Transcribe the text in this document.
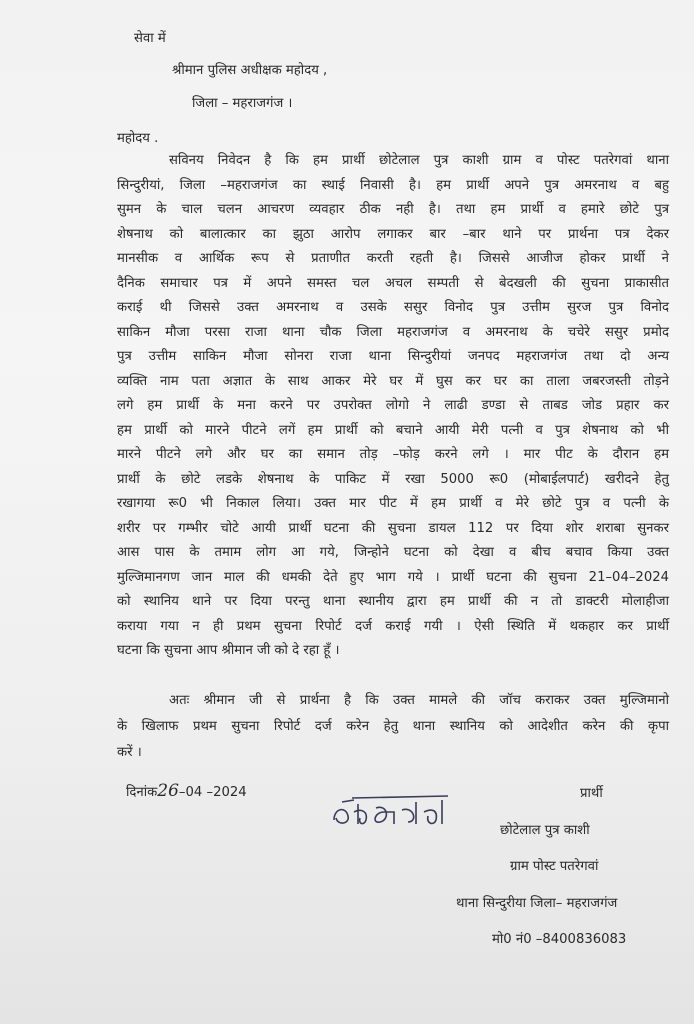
सेवा में
श्रीमान पुलिस अधीक्षक महोदय ,
जिला – महराजगंज ।
महोदय .
सविनय निवेदन है कि हम प्रार्थी छोटेलाल पुत्र काशी ग्राम व पोस्ट पतरेगवां थाना
सिन्दुरीयां, जिला –महराजगंज का स्थाई निवासी है। हम प्रार्थी अपने पुत्र अमरनाथ व बहु
सुमन के चाल चलन आचरण व्यवहार ठीक नही है। तथा हम प्रार्थी व हमारे छोटे पुत्र
शेषनाथ को बालात्कार का झुठा आरोप लगाकर बार –बार थाने पर प्रार्थना पत्र देकर
मानसीक व आर्थिक रूप से प्रताणीत करती रहती है। जिससे आजीज होकर प्रार्थी ने
दैनिक समाचार पत्र में अपने समस्त चल अचल सम्पती से बेदखली की सुचना प्राकासीत
कराई थी जिससे उक्त अमरनाथ व उसके ससुर विनोद पुत्र उत्तीम सुरज पुत्र विनोद
साकिन मौजा परसा राजा थाना चौक जिला महराजगंज व अमरनाथ के चचेरे ससुर प्रमोद
पुत्र उत्तीम साकिन मौजा सोनरा राजा थाना सिन्दुरीयां जनपद महराजगंज तथा दो अन्य
व्यक्ति नाम पता अज्ञात के साथ आकर मेरे घर में घुस कर घर का ताला जबरजस्ती तोड़ने
लगे हम प्रार्थी के मना करने पर उपरोक्त लोगो ने लाढी डण्डा से ताबड जोड प्रहार कर
हम प्रार्थी को मारने पीटने लगें हम प्रार्थी को बचाने आयी मेरी पत्नी व पुत्र शेषनाथ को भी
मारने पीटने लगे और घर का समान तोड़ –फोड़ करने लगे । मार पीट के दौरान हम
प्रार्थी के छोटे लडके शेषनाथ के पाकिट में रखा 5000 रू0 (मोबाईलपार्ट) खरीदने हेतु
रखागया रू0 भी निकाल लिया। उक्त मार पीट में हम प्रार्थी व मेरे छोटे पुत्र व पत्नी के
शरीर पर गम्भीर चोटे आयी प्रार्थी घटना की सुचना डायल 112 पर दिया शोर शराबा सुनकर
आस पास के तमाम लोग आ गये, जिन्होने घटना को देखा व बीच बचाव किया उक्त
मुल्जिमानगण जान माल की धमकी देते हुए भाग गये । प्रार्थी घटना की सुचना 21–04–2024
को स्थानिय थाने पर दिया परन्तु थाना स्थानीय द्वारा हम प्रार्थी की न तो डाक्टरी मोलाहीजा
कराया गया न ही प्रथम सुचना रिपोर्ट दर्ज कराई गयी । ऐसी स्थिति में थकहार कर प्रार्थी
घटना कि सुचना आप श्रीमान जी को दे रहा हूँ ।
अतः श्रीमान जी से प्रार्थना है कि उक्त मामले की जॉच कराकर उक्त मुल्जिमानो
के खिलाफ प्रथम सुचना रिपोर्ट दर्ज करेन हेतु थाना स्थानिय को आदेशीत करेन की कृपा
करें ।
दिनांक26–04 –2024	प्रार्थी
छोटेलाल पुत्र काशी
ग्राम पोस्ट पतरेगवां
थाना सिन्दुरीया जिला– महराजगंज
मो0 नं0 –8400836083
